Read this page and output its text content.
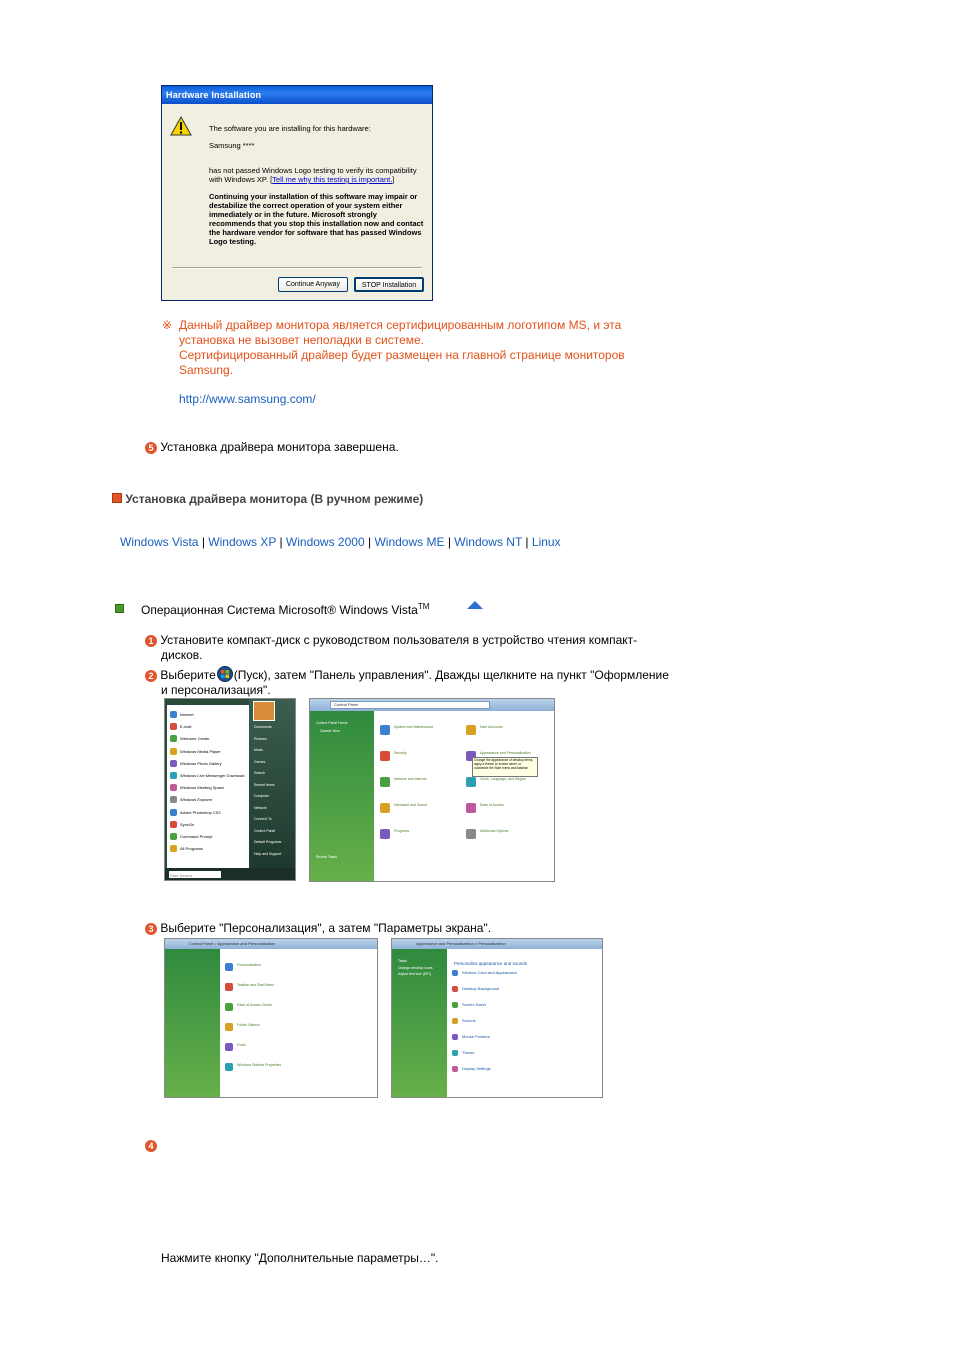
Hardware Installation
The software you are installing for this hardware:
Samsung ****
has not passed Windows Logo testing to verify its compatibility
with Windows XP. [Tell me why this testing is important.]
Continuing your installation of this software may impair or destabilize the correct operation of your system either immediately or in the future. Microsoft strongly recommends that you stop this installation now and contact the hardware vendor for software that has passed Windows Logo testing.
Continue Anyway	STOP Installation
※ Данный драйвер монитора является сертифицированным логотипом MS, и эта
установка не вызовет неполадки в системе.
Сертифицированный драйвер будет размещен на главной странице мониторов
Samsung.
http://www.samsung.com/
5 Установка драйвера монитора завершена.
Установка драйвера монитора (В ручном режиме)
Windows Vista | Windows XP | Windows 2000 | Windows ME | Windows NT | Linux
Операционная Система Microsoft® Windows Vista™
1 Установите компакт-диск с руководством пользователя в устройство чтения компакт-
дисков.
2 Выберите (Пуск), затем "Панель управления". Дважды щелкните на пункт "Оформление
и персонализация".
Start Search
Internet
E-mail
Welcome Center
Windows Media Player
Windows Photo Gallery
Windows Live Messenger Download
Windows Meeting Space
Windows Explorer
Adobe Photoshop CS2
SyncOn
Command Prompt
All Programs
Documents
Pictures
Music
Games
Search
Recent Items
Computer
Network
Connect To
Control Panel
Default Programs
Help and Support
Control Panel
Control Panel Home
Classic View
Recent Tasks
System and Maintenance
Security
Network and Internet
Hardware and Sound
Programs
User Accounts
Appearance and Personalization
Clock, Language, and Region
Ease of Access
Additional Options
Change the appearance of desktop items, apply a theme or screen saver, or customize the Start menu and taskbar.
3 Выберите "Персонализация", а затем "Параметры экрана".
Control Panel > Appearance and Personalization
Personalization
Taskbar and Start Menu
Ease of Access Center
Folder Options
Fonts
Windows Sidebar Properties
Appearance and Personalization > Personalization
Tasks
Change desktop icons
Adjust font size (DPI)
Personalize appearance and sounds
Window Color and Appearance
Desktop Background
Screen Saver
Sounds
Mouse Pointers
Theme
Display Settings
4
Нажмите кнопку "Дополнительные параметры…".
